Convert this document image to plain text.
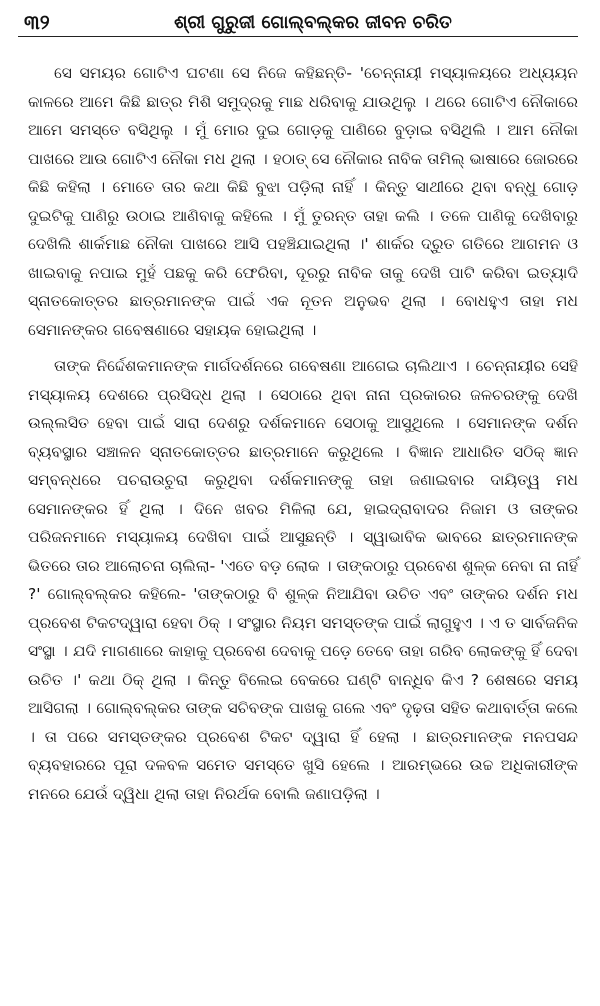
୩୨	ଶ୍ରୀ ଗୁରୁଜୀ ଗୋଲ୍‌ବଲ୍‌କର ଜୀବନ ଚରିତ

ସେ ସମୟର ଗୋଟିଏ ଘଟଣା ସେ ନିଜେ କହିଛନ୍ତି- 'ଚେନ୍ନାୟୀ ମସ୍ୟାଳୟରେ ଅଧ୍ୟୟନ କାଳରେ ଆମେ କିଛି ଛାତ୍ର ମିଶି ସମୁଦ୍ରକୁ ମାଛ ଧରିବାକୁ ଯାଉଥିଲୁ । ଥରେ ଗୋଟିଏ ନୌକାରେ ଆମେ ସମସ୍ତେ ବସିଥିଲୁ । ମୁଁ ମୋର ଦୁଇ ଗୋଡ଼କୁ ପାଣିରେ ବୁଡ଼ାଇ ବସିଥିଲି । ଆମ ନୌକା ପାଖରେ ଆଉ ଗୋଟିଏ ନୌକା ମଧ ଥିଲା । ହଠାତ୍ ସେ ନୌକାର ନାବିକ ତାମିଲ୍ ଭାଷାରେ ଜୋରରେ କିଛି କହିଲା । ମୋତେ ତାର କଥା କିଛି ବୁଝା ପଡ଼ିଲା ନାହିଁ । କିନ୍ତୁ ସାଥୀରେ ଥିବା ବନ୍ଧୁ ଗୋଡ଼ ଦୁଇଟିକୁ ପାଣିରୁ ଉଠାଇ ଆଣିବାକୁ କହିଲେ । ମୁଁ ତୁରନ୍ତ ତାହା କଲି । ତଳେ ପାଣିକୁ ଦେଖିବାରୁ ଦେଖିଲି ଶାର୍କମାଛ ନୌକା ପାଖରେ ଆସି ପହଞ୍ଚିଯାଇଥିଲା ।' ଶାର୍କର ଦ୍ରୁତ ଗତିରେ ଆଗମନ ଓ ଖାଇବାକୁ ନପାଇ ମୁହଁ ପଛକୁ କରି ଫେରିବା, ଦୂରରୁ ନାବିକ ତାକୁ ଦେଖି ପାଟି କରିବା ଇତ୍ୟାଦି ସ୍ନାତକୋତ୍ତର ଛାତ୍ରମାନଙ୍କ ପାଇଁ ଏକ ନୂତନ ଅନୁଭବ ଥିଲା । ବୋଧହୁଏ ତାହା ମଧ ସେମାନଙ୍କର ଗବେଷଣାରେ ସହାୟକ ହୋଇଥିଲା ।

ତାଙ୍କ ନିର୍ଦ୍ଦେଶକମାନଙ୍କ ମାର୍ଗଦର୍ଶନରେ ଗବେଷଣା ଆଗେଇ ଚାଲିଥାଏ । ଚେନ୍ନାୟୀର ସେହି ମସ୍ୟାଳୟ ଦେଶରେ ପ୍ରସିଦ୍ଧ ଥିଲା । ସେଠାରେ ଥିବା ନାନା ପ୍ରକାରର ଜଳଚରଙ୍କୁ ଦେଖି ଉଲ୍ଲସିତ ହେବା ପାଇଁ ସାରା ଦେଶରୁ ଦର୍ଶକମାନେ ସେଠାକୁ ଆସୁଥିଲେ । ସେମାନଙ୍କ ଦର୍ଶନ ବ୍ୟବସ୍ଥାର ସଞ୍ଚାଳନ ସ୍ନାତକୋତ୍ତର ଛାତ୍ରମାନେ କରୁଥିଲେ । ବିଜ୍ଞାନ ଆଧାରିତ ସଠିକ୍ ଜ୍ଞାନ ସମ୍ବନ୍ଧରେ ପଚରାଉଚୁରା କରୁଥିବା ଦର୍ଶକମାନଙ୍କୁ ତାହା ଜଣାଇବାର ଦାୟିତ୍ୱ ମଧ ସେମାନଙ୍କର ହିଁ ଥିଲା । ଦିନେ ଖବର ମିଳିଲା ଯେ, ହାଇଦ୍ରାବାଦର ନିଜାମ ଓ ତାଙ୍କର ପରିଜନମାନେ ମସ୍ୟାଳୟ ଦେଖିବା ପାଇଁ ଆସୁଛନ୍ତି । ସ୍ୱାଭାବିକ ଭାବରେ ଛାତ୍ରମାନଙ୍କ ଭିତରେ ତାର ଆଲୋଚନା ଚାଲିଲା- 'ଏତେ ବଡ଼ ଲୋକ । ତାଙ୍କଠାରୁ ପ୍ରବେଶ ଶୁଳ୍କ ନେବା ନା ନାହିଁ ?' ଗୋଲ୍‌ବଲ୍‌କର କହିଲେ- 'ତାଙ୍କଠାରୁ ବି ଶୁଳ୍କ ନିଆଯିବା ଉଚିତ ଏବଂ ତାଙ୍କର ଦର୍ଶନ ମଧ ପ୍ରବେଶ ଟିକଟଦ୍ୱାରା ହେବା ଠିକ୍ । ସଂସ୍ଥାର ନିୟମ ସମସ୍ତଙ୍କ ପାଇଁ ଲାଗୁହୁଏ । ଏ ତ ସାର୍ବଜନିକ ସଂସ୍ଥା । ଯଦି ମାଗଣାରେ କାହାକୁ ପ୍ରବେଶ ଦେବାକୁ ପଡ଼େ ତେବେ ତାହା ଗରିବ ଲୋକଙ୍କୁ ହିଁ ଦେବା ଉଚିତ ।' କଥା ଠିକ୍ ଥିଲା । କିନ୍ତୁ ବିଲେଇ ବେକରେ ଘଣ୍ଟି ବାନ୍ଧିବ କିଏ ? ଶେଷରେ ସମୟ ଆସିଗଲା । ଗୋଲ୍‌ବଲ୍‌କର ତାଙ୍କ ସଚିବଙ୍କ ପାଖକୁ ଗଲେ ଏବଂ ଦୃଢ଼ତା ସହିତ କଥାବାର୍ତ୍ତା କଲେ । ତା ପରେ ସମସ୍ତଙ୍କର ପ୍ରବେଶ ଟିକଟ ଦ୍ୱାରା ହିଁ ହେଲା । ଛାତ୍ରମାନଙ୍କ ମନପସନ୍ଦ ବ୍ୟବହାରରେ ପୂରା ଦଳବଳ ସମେତ ସମସ୍ତେ ଖୁସି ହେଲେ । ଆରମ୍ଭରେ ଉଚ୍ଚ ଅଧିକାରୀଙ୍କ ମନରେ ଯେଉଁ ଦ୍ୱିଧା ଥିଲା ତାହା ନିରର୍ଥକ ବୋଲି ଜଣାପଡ଼ିଲା ।
